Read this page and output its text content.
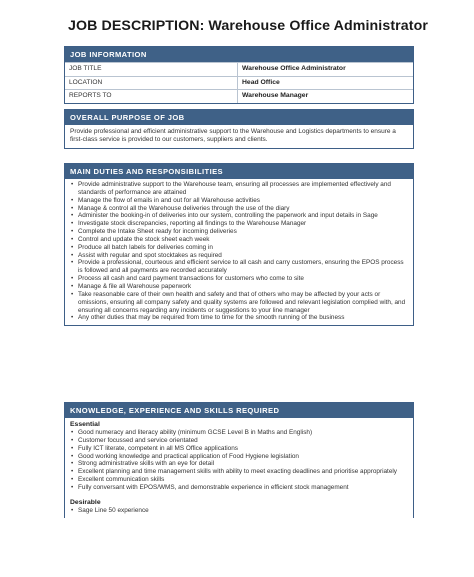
JOB DESCRIPTION: Warehouse Office Administrator
JOB INFORMATION
JOB TITLE	Warehouse Office Administrator
LOCATION	Head Office
REPORTS TO	Warehouse Manager
OVERALL PURPOSE OF JOB
Provide professional and efficient administrative support to the Warehouse and Logistics departments to ensure a first-class service is provided to our customers, suppliers and clients.
MAIN DUTIES AND RESPONSIBILITIES
• Provide administrative support to the Warehouse team, ensuring all processes are implemented effectively and standards of performance are attained
• Manage the flow of emails in and out for all Warehouse activities
• Manage & control all the Warehouse deliveries through the use of the diary
• Administer the booking-in of deliveries into our system, controlling the paperwork and input details in Sage
• Investigate stock discrepancies, reporting all findings to the Warehouse Manager
• Complete the Intake Sheet ready for incoming deliveries
• Control and update the stock sheet each week
• Produce all batch labels for deliveries coming in
• Assist with regular and spot stocktakes as required
• Provide a professional, courteous and efficient service to all cash and carry customers, ensuring the EPOS process is followed and all payments are recorded accurately
• Process all cash and card payment transactions for customers who come to site
• Manage & file all Warehouse paperwork
• Take reasonable care of their own health and safety and that of others who may be affected by your acts or omissions, ensuring all company safety and quality systems are followed and relevant legislation complied with, and ensuring all concerns regarding any incidents or suggestions to your line manager
• Any other duties that may be required from time to time for the smooth running of the business
KNOWLEDGE, EXPERIENCE AND SKILLS REQUIRED
Essential
• Good numeracy and literacy ability (minimum GCSE Level B in Maths and English)
• Customer focussed and service orientated
• Fully ICT literate, competent in all MS Office applications
• Good working knowledge and practical application of Food Hygiene legislation
• Strong administrative skills with an eye for detail
• Excellent planning and time management skills with ability to meet exacting deadlines and prioritise appropriately
• Excellent communication skills
• Fully conversant with EPOS/WMS, and demonstrable experience in efficient stock management
Desirable
• Sage Line 50 experience
